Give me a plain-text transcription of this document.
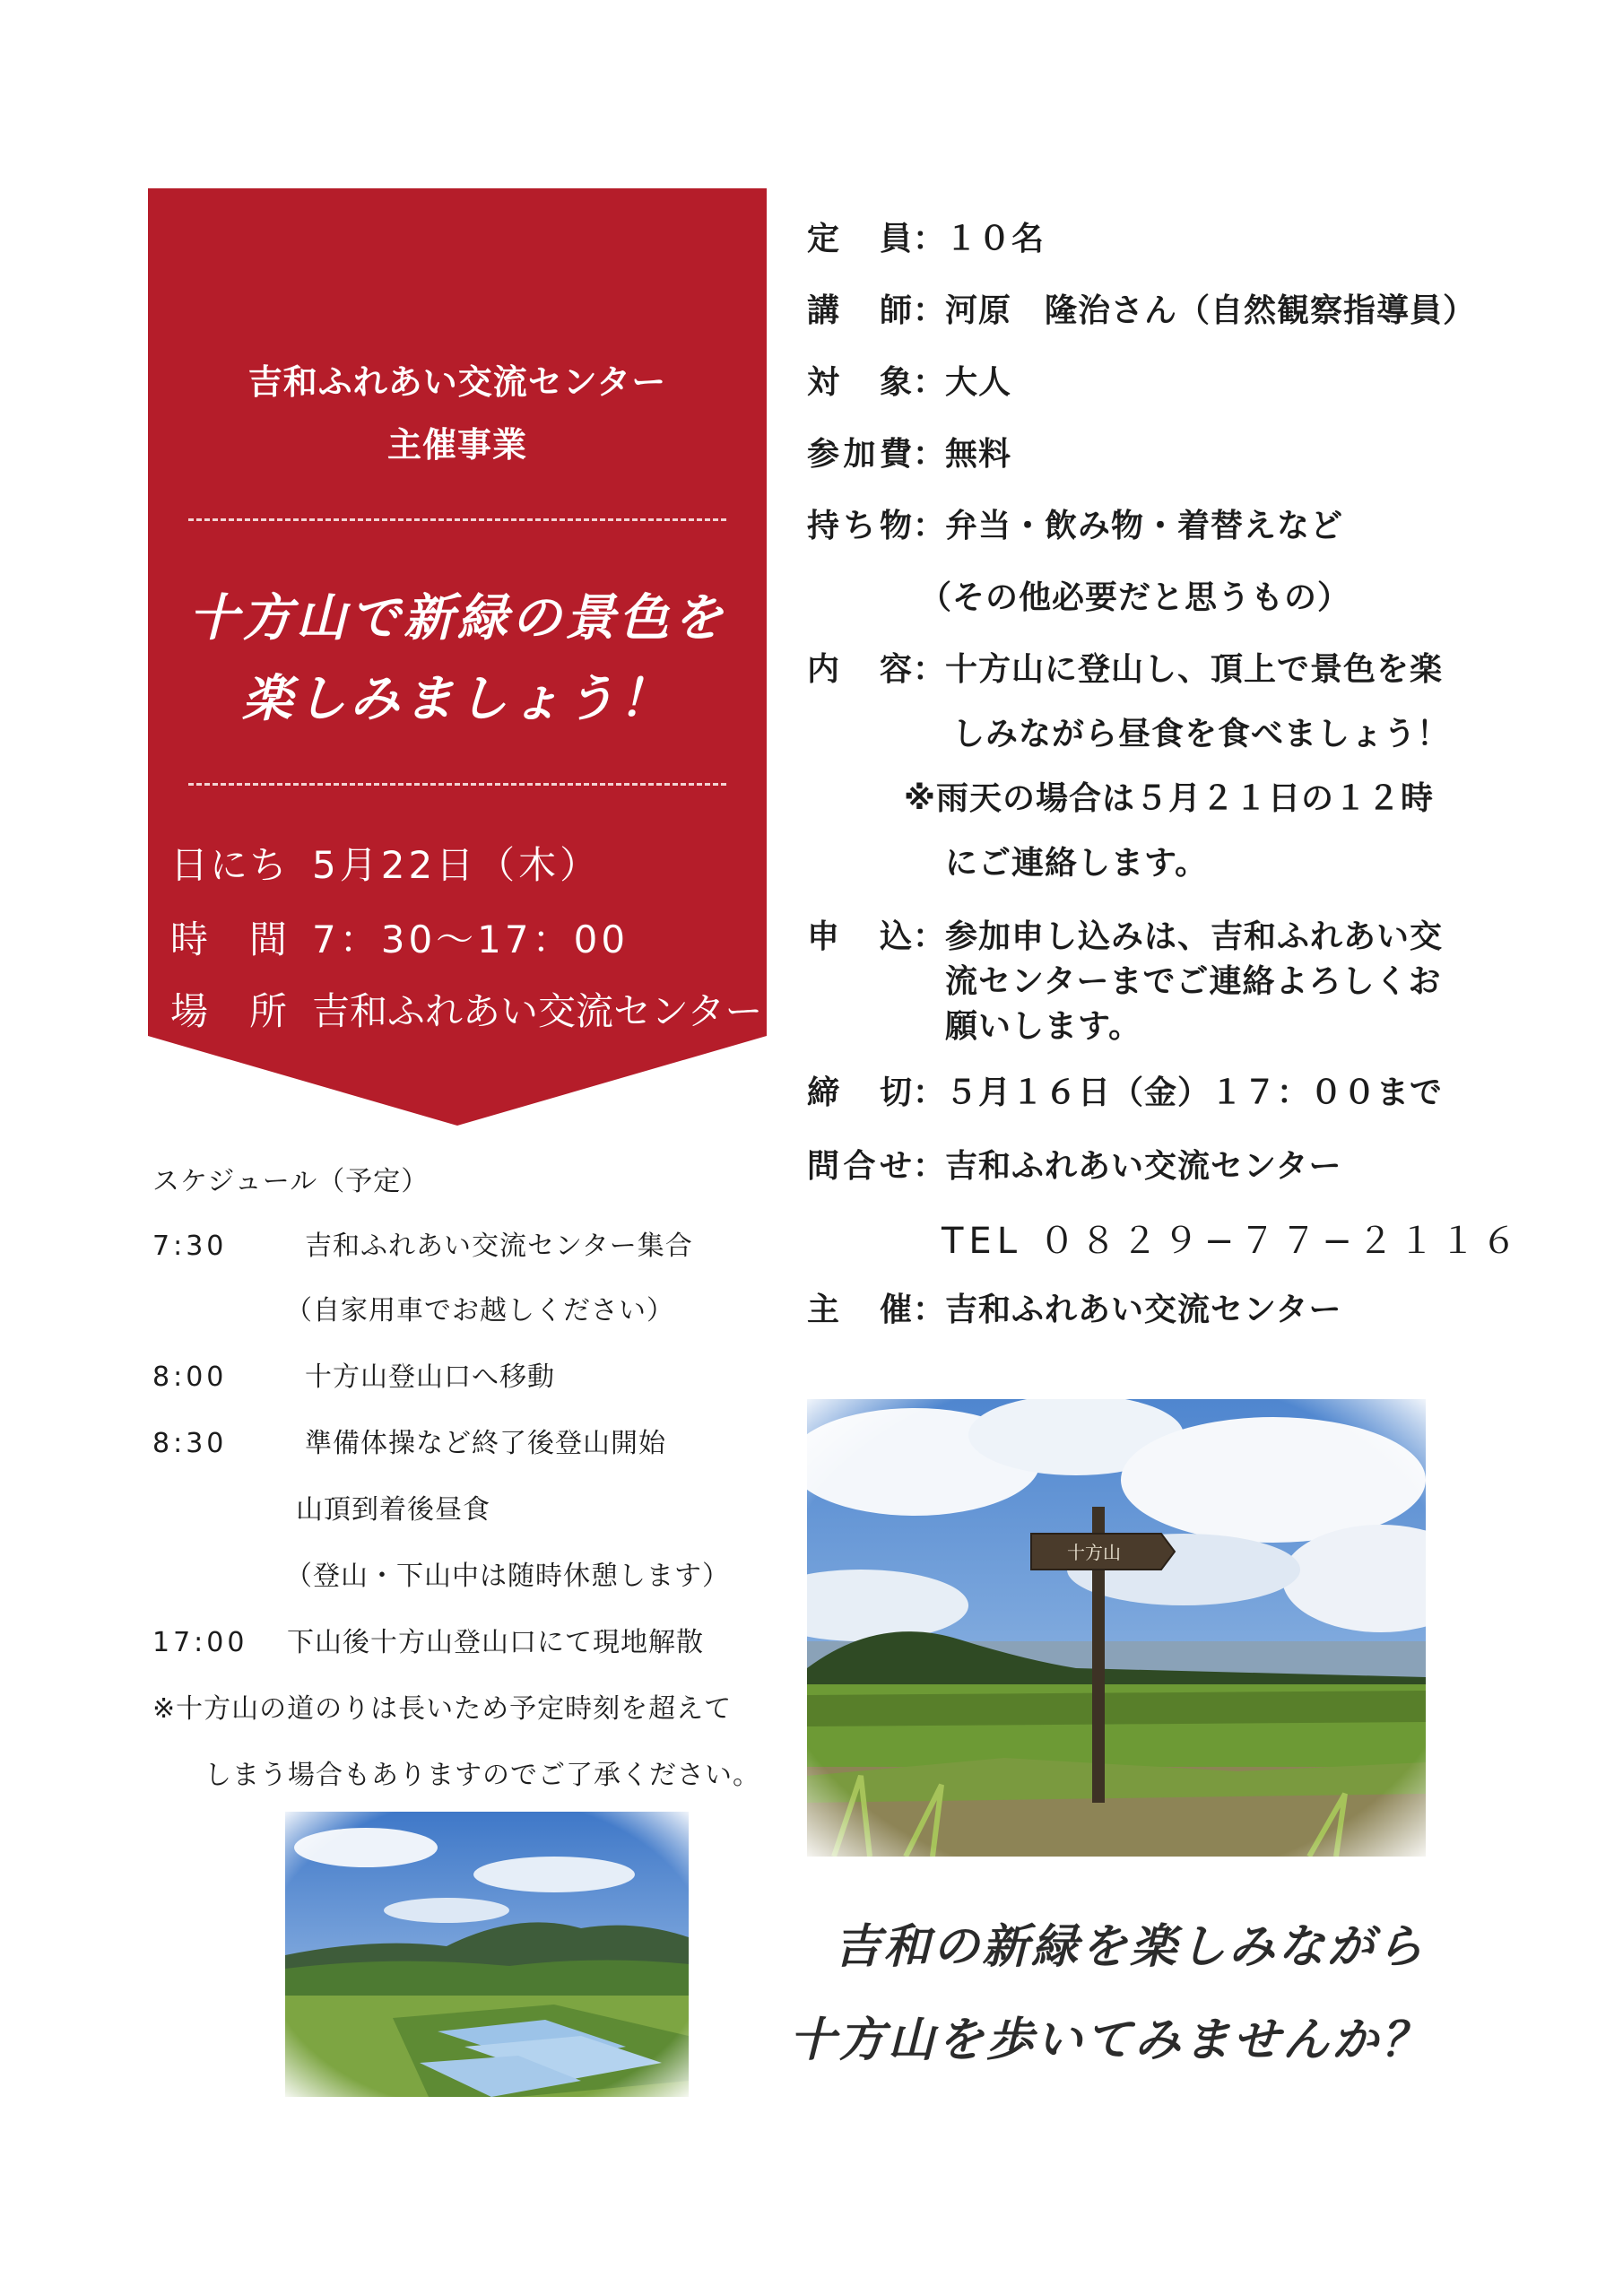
吉和ふれあい交流センター
主催事業
十方山で新緑の景色を
楽しみましょう！
日にち 5月22日（木）
時　間 7：30～17：00
場　所 吉和ふれあい交流センター
定　員：１０名
講　師：河原　隆治さん（自然観察指導員）
対　象：大人
参加費：無料
持ち物：弁当・飲み物・着替えなど
（その他必要だと思うもの）
内　容：十方山に登山し、頂上で景色を楽
しみながら昼食を食べましょう！
※雨天の場合は５月２１日の１２時
にご連絡します。
申　込：参加申し込みは、吉和ふれあい交
流センターまでご連絡よろしくお
願いします。
締　切：５月１６日（金）１７：００まで
問合せ：吉和ふれあい交流センター
TEL ０８２９−７７−２１１６
主　催：吉和ふれあい交流センター
スケジュール（予定）
7:30	吉和ふれあい交流センター集合
（自家用車でお越しください）
8:00	十方山登山口へ移動
8:30	準備体操など終了後登山開始
山頂到着後昼食
（登山・下山中は随時休憩します）
17:00 下山後十方山登山口にて現地解散
※十方山の道のりは長いため予定時刻を超えて
しまう場合もありますのでご了承ください。
吉和の新緑を楽しみながら
十方山を歩いてみませんか？
